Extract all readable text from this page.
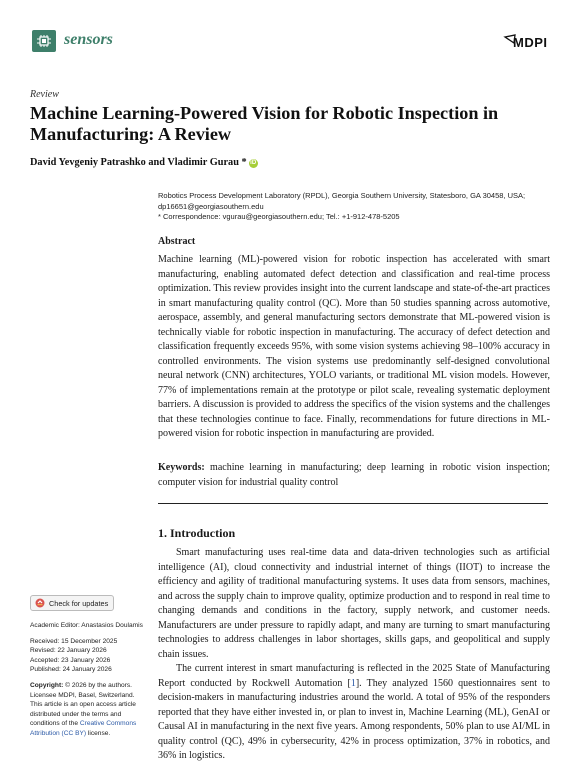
sensors	MDPI
Review
Machine Learning-Powered Vision for Robotic Inspection in Manufacturing: A Review
David Yevgeniy Patrashko and Vladimir Gurau * iD
Robotics Process Development Laboratory (RPDL), Georgia Southern University, Statesboro, GA 30458, USA;
dp16651@georgiasouthern.edu
* Correspondence: vgurau@georgiasouthern.edu; Tel.: +1-912-478-5205
Abstract
Machine learning (ML)-powered vision for robotic inspection has accelerated with smart manufacturing, enabling automated defect detection and classification and real-time process optimization. This review provides insight into the current landscape and state-of-the-art practices in smart manufacturing quality control (QC). More than 50 studies spanning across automotive, aerospace, assembly, and general manufacturing sectors demonstrate that ML-powered vision is technically viable for robotic inspection in manufacturing. The accuracy of defect detection and classification frequently exceeds 95%, with some vision systems achieving 98–100% accuracy in controlled environments. The vision systems use predominantly self-designed convolutional neural network (CNN) architectures, YOLO variants, or traditional ML vision models. However, 77% of implementations remain at the prototype or pilot scale, revealing systematic deployment barriers. A discussion is provided to address the specifics of the vision systems and the challenges that these technologies continue to face. Finally, recommendations for future directions in ML-powered vision for robotic inspection in manufacturing are provided.
Keywords: machine learning in manufacturing; deep learning in robotic vision inspection; computer vision for industrial quality control
1. Introduction

Smart manufacturing uses real-time data and data-driven technologies such as artificial intelligence (AI), cloud connectivity and industrial internet of things (IIOT) to increase the efficiency and agility of traditional manufacturing systems. It uses data from sensors, machines, and across the supply chain to improve quality, optimize production and to respond in real time to changing demands and conditions in the factory, supply network, and customer needs. Manufacturers are under pressure to rapidly adapt, and many are turning to smart manufacturing technologies to address challenges in labor shortages, skills gaps, and geopolitical and supply chain issues.

The current interest in smart manufacturing is reflected in the 2025 State of Manufacturing Report conducted by Rockwell Automation [1]. They analyzed 1560 questionnaires sent to decision-makers in manufacturing industries around the world. A total of 95% of the responders reported that they have either invested in, or plan to invest in, Machine Learning (ML), GenAI or Causal AI in manufacturing in the next five years. Among respondents, 50% plan to use AI/ML in quality control (QC), 49% in cybersecurity, 42% in process optimization, 37% in robotics, and 36% in logistics.

Check for updates
Academic Editor: Anastasios Doulamis
Received: 15 December 2025
Revised: 22 January 2026
Accepted: 23 January 2026
Published: 24 January 2026
Copyright: © 2026 by the authors. Licensee MDPI, Basel, Switzerland. This article is an open access article distributed under the terms and conditions of the Creative Commons Attribution (CC BY) license.
